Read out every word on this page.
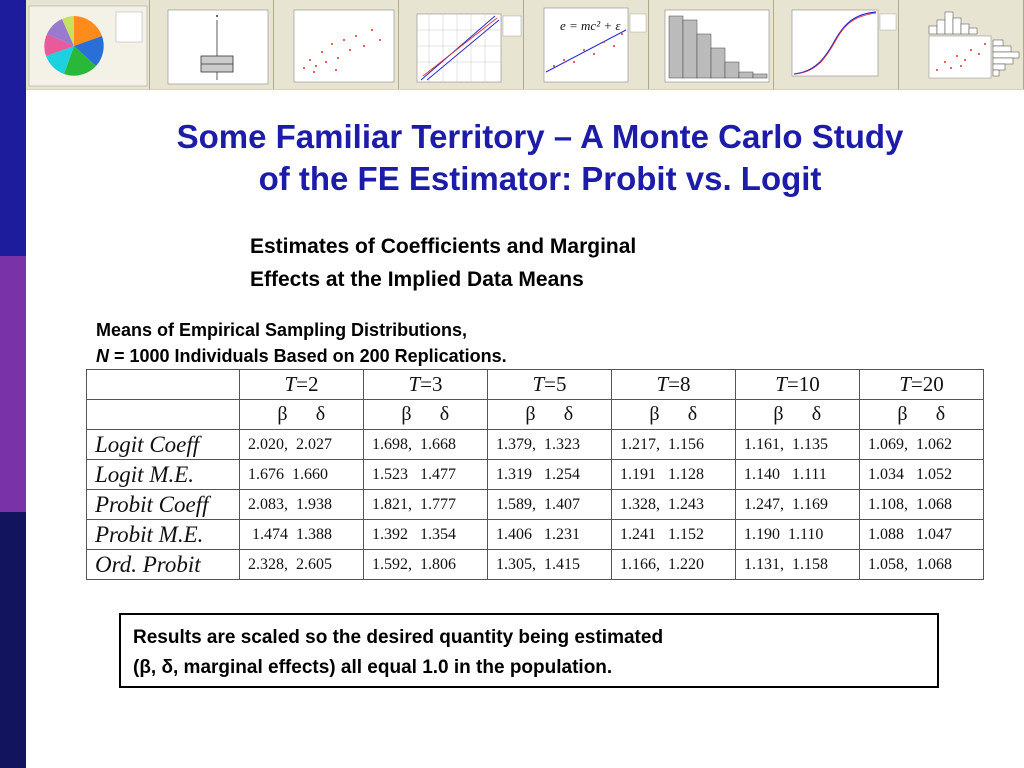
e = mc² + ε
Some Familiar Territory – A Monte Carlo Study
of the FE Estimator: Probit vs. Logit
Estimates of Coefficients and Marginal
Effects at the Implied Data Means
Means of Empirical Sampling Distributions,
N = 1000 Individuals Based on 200 Replications.
	T=2	T=3	T=5	T=8	T=10	T=20
	β δ	β δ	β δ	β δ	β δ	β δ
Logit Coeff	2.020,  2.027	1.698,  1.668	1.379,  1.323	1.217,  1.156	1.161,  1.135	1.069,  1.062
Logit M.E.	1.676  1.660	1.523   1.477	1.319   1.254	1.191   1.128	1.140   1.111	1.034   1.052
Probit Coeff	2.083,  1.938	1.821,  1.777	1.589,  1.407	1.328,  1.243	1.247,  1.169	1.108,  1.068
Probit M.E.	1.474  1.388	1.392   1.354	1.406   1.231	1.241   1.152	1.190  1.110	1.088   1.047
Ord. Probit	2.328,  2.605	1.592,  1.806	1.305,  1.415	1.166,  1.220	1.131,  1.158	1.058,  1.068
Results are scaled so the desired quantity being estimated
(β, δ, marginal effects) all equal 1.0 in the population.
